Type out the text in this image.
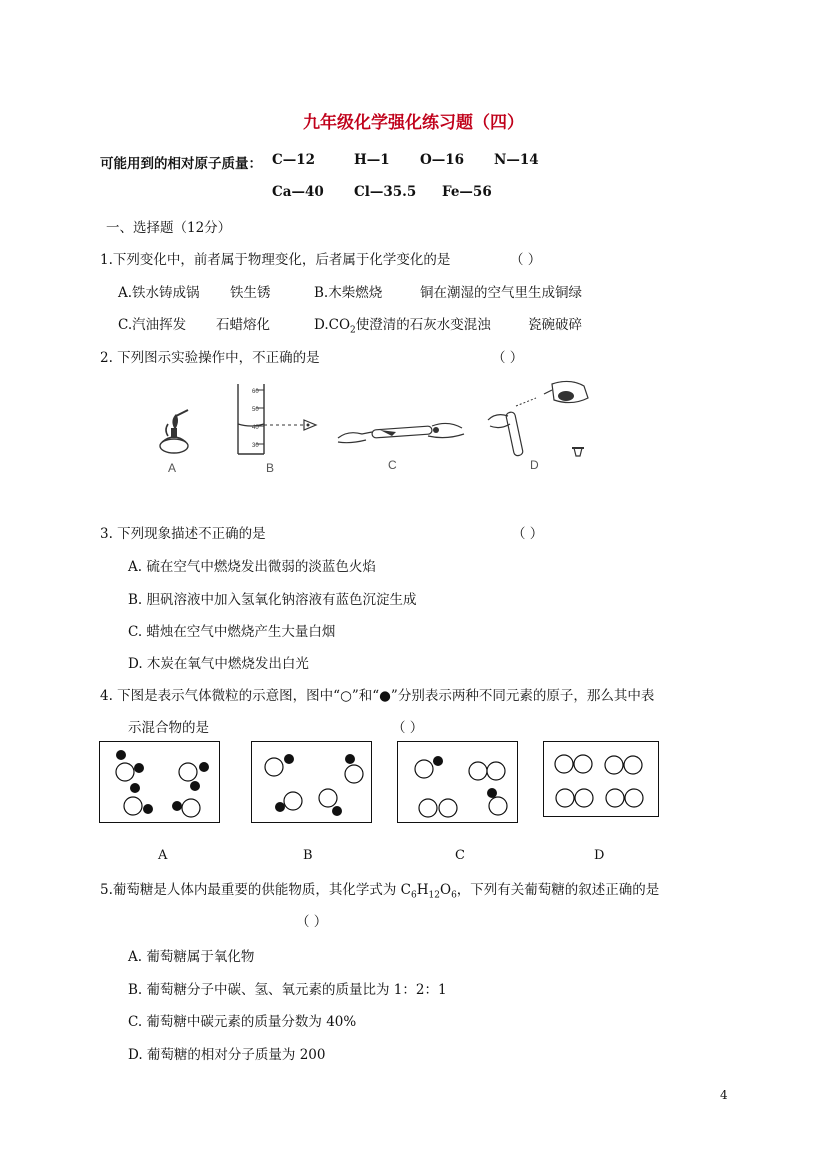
九年级化学强化练习题（四）
可能用到的相对原子质量： C—12	H—1 O—16 N—14
Ca—40 Cl—35.5 Fe—56
一、选择题（12分）
1.下列变化中，前者属于物理变化，后者属于化学变化的是	（ ）
A.铁水铸成锅 铁生锈	B.木柴燃烧	铜在潮湿的空气里生成铜绿
C.汽油挥发 石蜡熔化	$D.CO_2$使澄清的石灰水变混浊	瓷碗破碎
2. 下列图示实验操作中，不正确的是	（ ）
A
60
50
40
30
B	C	D
3. 下列现象描述不正确的是	（ ）
A. 硫在空气中燃烧发出微弱的淡蓝色火焰
B. 胆矾溶液中加入氢氧化钠溶液有蓝色沉淀生成
C. 蜡烛在空气中燃烧产生大量白烟
D. 木炭在氧气中燃烧发出白光
4. 下图是表示气体微粒的示意图，图中“○”和“●”分别表示两种不同元素的原子，那么其中表
示混合物的是	（ ）
A	B	C	D
5.葡萄糖是人体内最重要的供能物质，其化学式为 $C_6H_{12}O_6$，下列有关葡萄糖的叙述正确的是
（ ）
A. 葡萄糖属于氧化物
B. 葡萄糖分子中碳、氢、氧元素的质量比为 1：2：1
C. 葡萄糖中碳元素的质量分数为 40%
D. 葡萄糖的相对分子质量为 200
4
